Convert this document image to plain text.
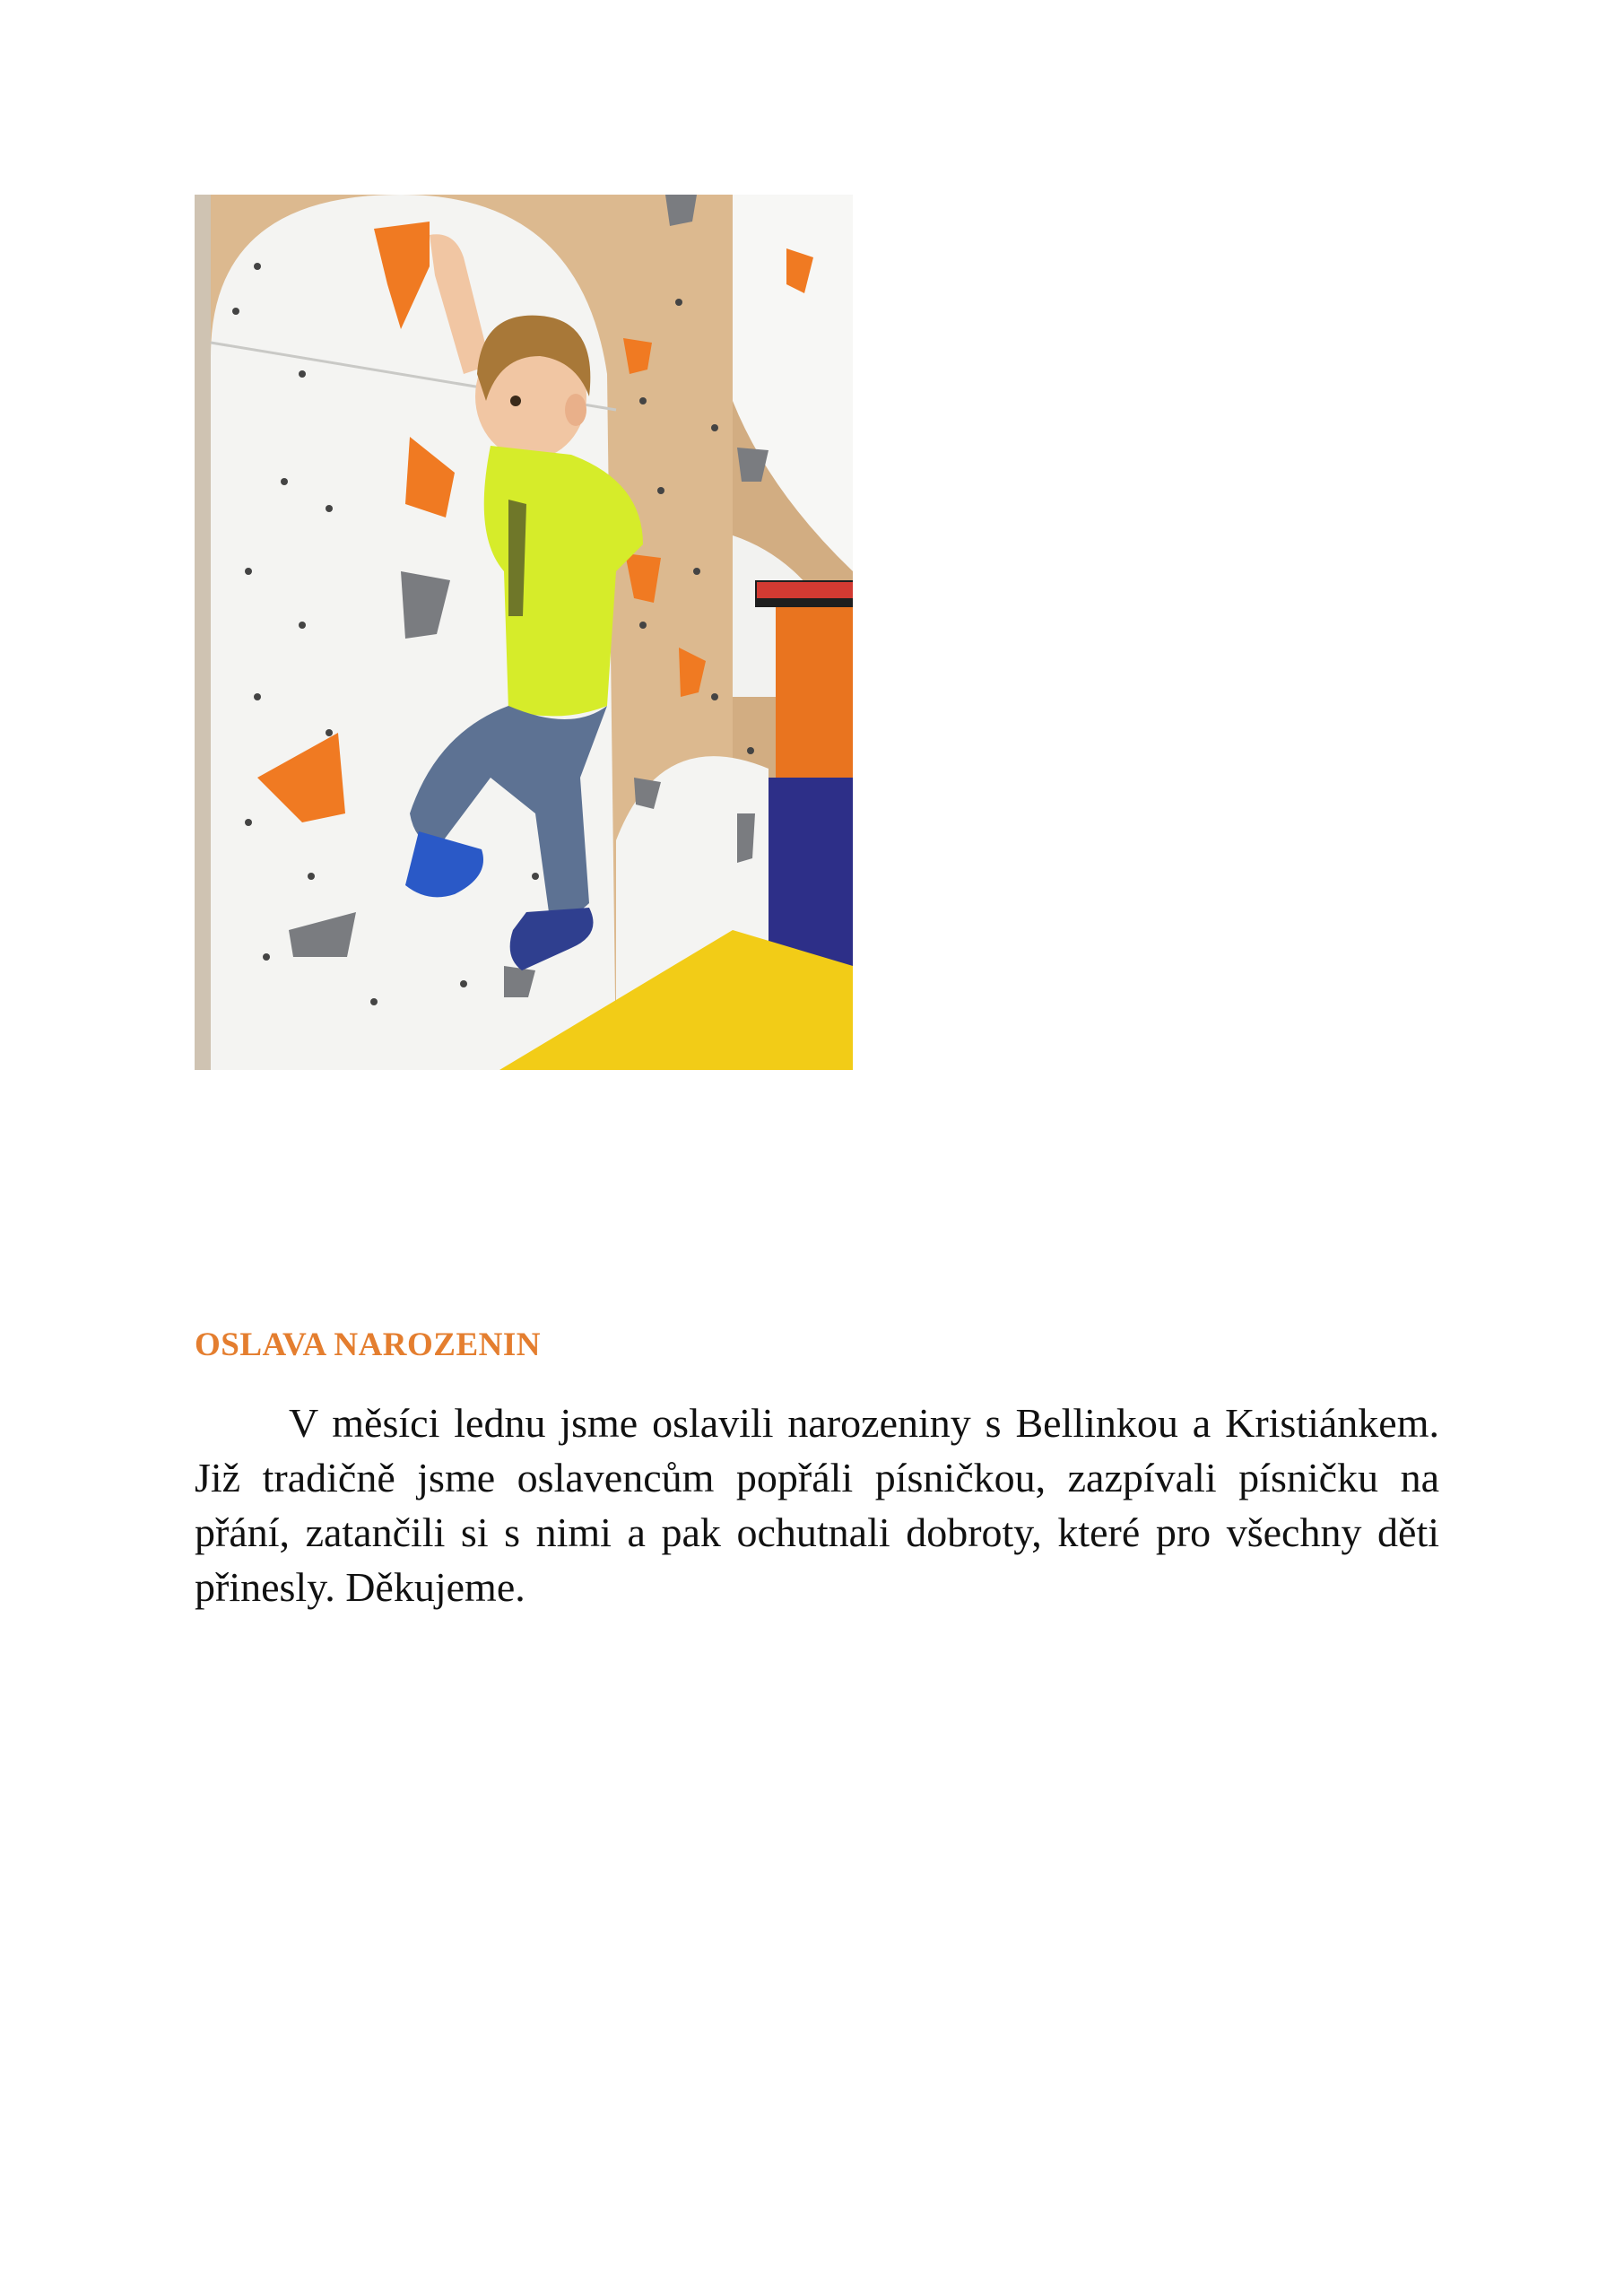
OSLAVA NAROZENIN

V měsíci lednu jsme oslavili narozeniny s Bellinkou a Kristiánkem. Již tradičně jsme oslavencům popřáli písničkou, zazpívali písničku na přání, zatančili si s nimi a pak ochutnali dobroty, které pro všechny děti přinesly. Děkujeme.
